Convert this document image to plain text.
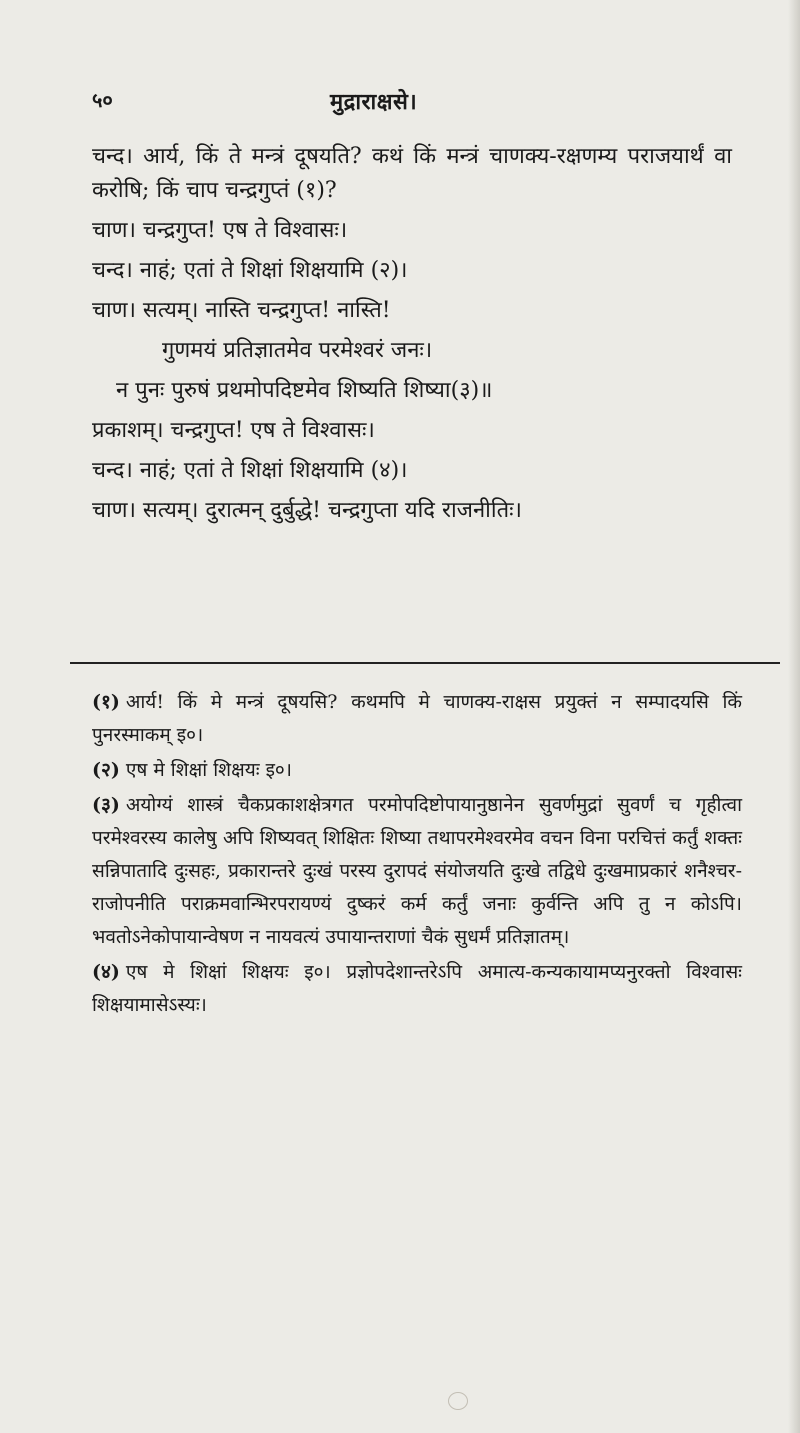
५०	मुद्राराक्षसे।

चन्द। आर्य, किं ते मन्त्रं दूषयति? कथं किं मन्त्रं चाणक्य-रक्षणम्य पराजयार्थं वा करोषि; किं चाप चन्द्रगुप्तं (१)?

चाण। चन्द्रगुप्त! एष ते विश्वासः।

चन्द। नाहं; एतां ते शिक्षां शिक्षयामि (२)।

चाण। सत्यम्। नास्ति चन्द्रगुप्त! नास्ति!

गुणमयं प्रतिज्ञातमेव परमेश्वरं जनः।

न पुनः पुरुषं प्रथमोपदिष्टमेव शिष्यति शिष्या(३)॥

प्रकाशम्। चन्द्रगुप्त! एष ते विश्वासः।

चन्द। नाहं; एतां ते शिक्षां शिक्षयामि (४)।

चाण। सत्यम्। दुरात्मन् दुर्बुद्धे! चन्द्रगुप्ता यदि राजनीतिः।

(१) आर्य! किं मे मन्त्रं दूषयसि? कथमपि मे चाणक्य-राक्षस प्रयुक्तं न सम्पादयसि किं पुनरस्माकम् इ०।

(२) एष मे शिक्षां शिक्षयः इ०।

(३) अयोग्यं शास्त्रं चैकप्रकाशक्षेत्रगत परमोपदिष्टोपायानुष्ठानेन सुवर्णमुद्रां सुवर्णं च गृहीत्वा परमेश्वरस्य कालेषु अपि शिष्यवत् शिक्षितः शिष्या तथापरमेश्वरमेव वचन विना परचित्तं कर्तुं शक्तः सन्निपातादि दुःसहः, प्रकारान्तरे दुःखं परस्य दुरापदं संयोजयति दुःखे तद्विधे दुःखमाप्रकारं शनैश्चर-राजोपनीति पराक्रमवान्भिरपरायण्यं दुष्करं कर्म कर्तुं जनाः कुर्वन्ति अपि तु न कोऽपि। भवतोऽनेकोपायान्वेषण न नायवत्यं उपायान्तराणां चैकं सुधर्मं प्रतिज्ञातम्।

(४) एष मे शिक्षां शिक्षयः इ०। प्रज्ञोपदेशान्तरेऽपि अमात्य-कन्यकायामप्यनुरक्तो विश्वासः शिक्षयामासेऽस्यः।
